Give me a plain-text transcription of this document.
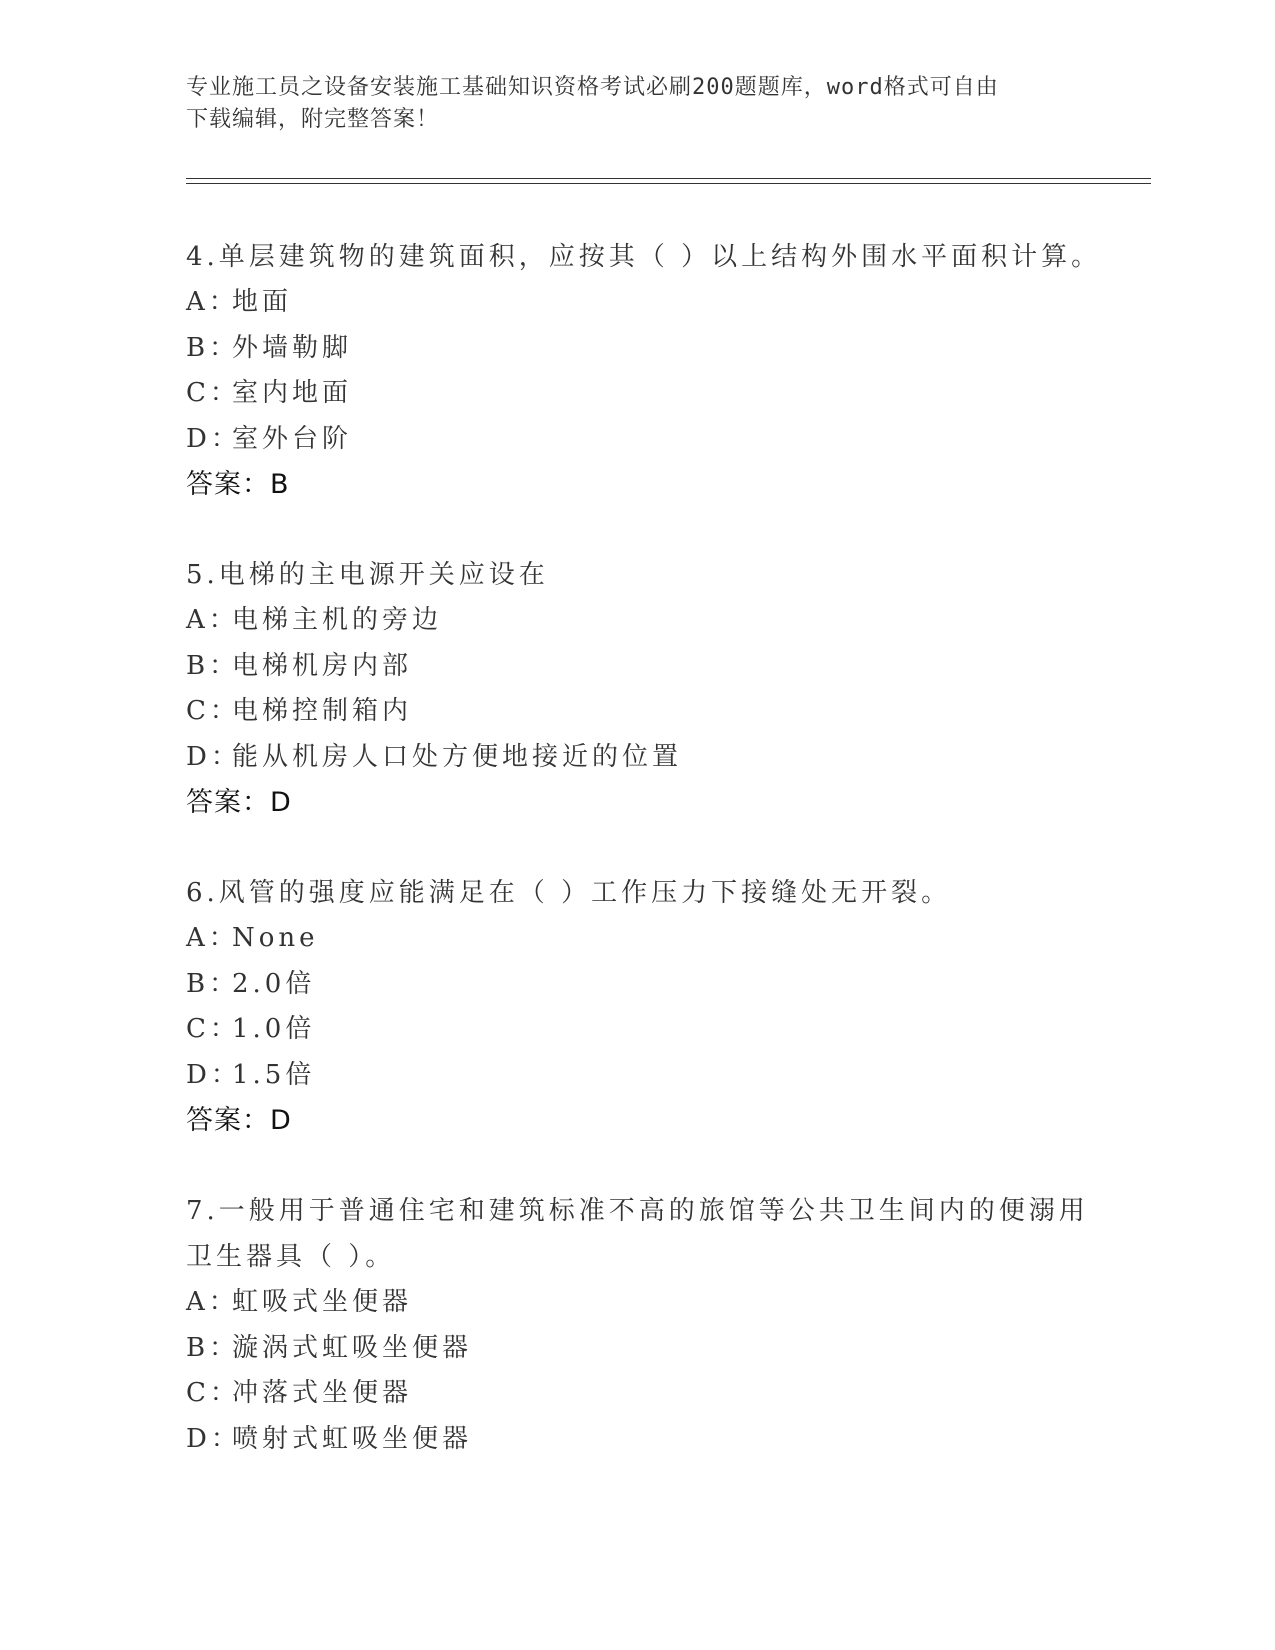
专业施工员之设备安装施工基础知识资格考试必刷200题题库，word格式可自由
下载编辑，附完整答案！
4.单层建筑物的建筑面积，应按其（ ）以上结构外围水平面积计算。
A：
地面
B：
外墙勒脚
C：
室内地面
D：
室外台阶
答案：B
5.电梯的主电源开关应设在
A：
电梯主机的旁边
B：
电梯机房内部
C：
电梯控制箱内
D：
能从机房人口处方便地接近的位置
答案：D
6.风管的强度应能满足在（ ）工作压力下接缝处无开裂。
A：
None
B：
2.0倍
C：
1.0倍
D：
1.5倍
答案：D
7.一般用于普通住宅和建筑标准不高的旅馆等公共卫生间内的便溺用
卫生器具（ ）。
A：
虹吸式坐便器
B：
漩涡式虹吸坐便器
C：
冲落式坐便器
D：
喷射式虹吸坐便器
